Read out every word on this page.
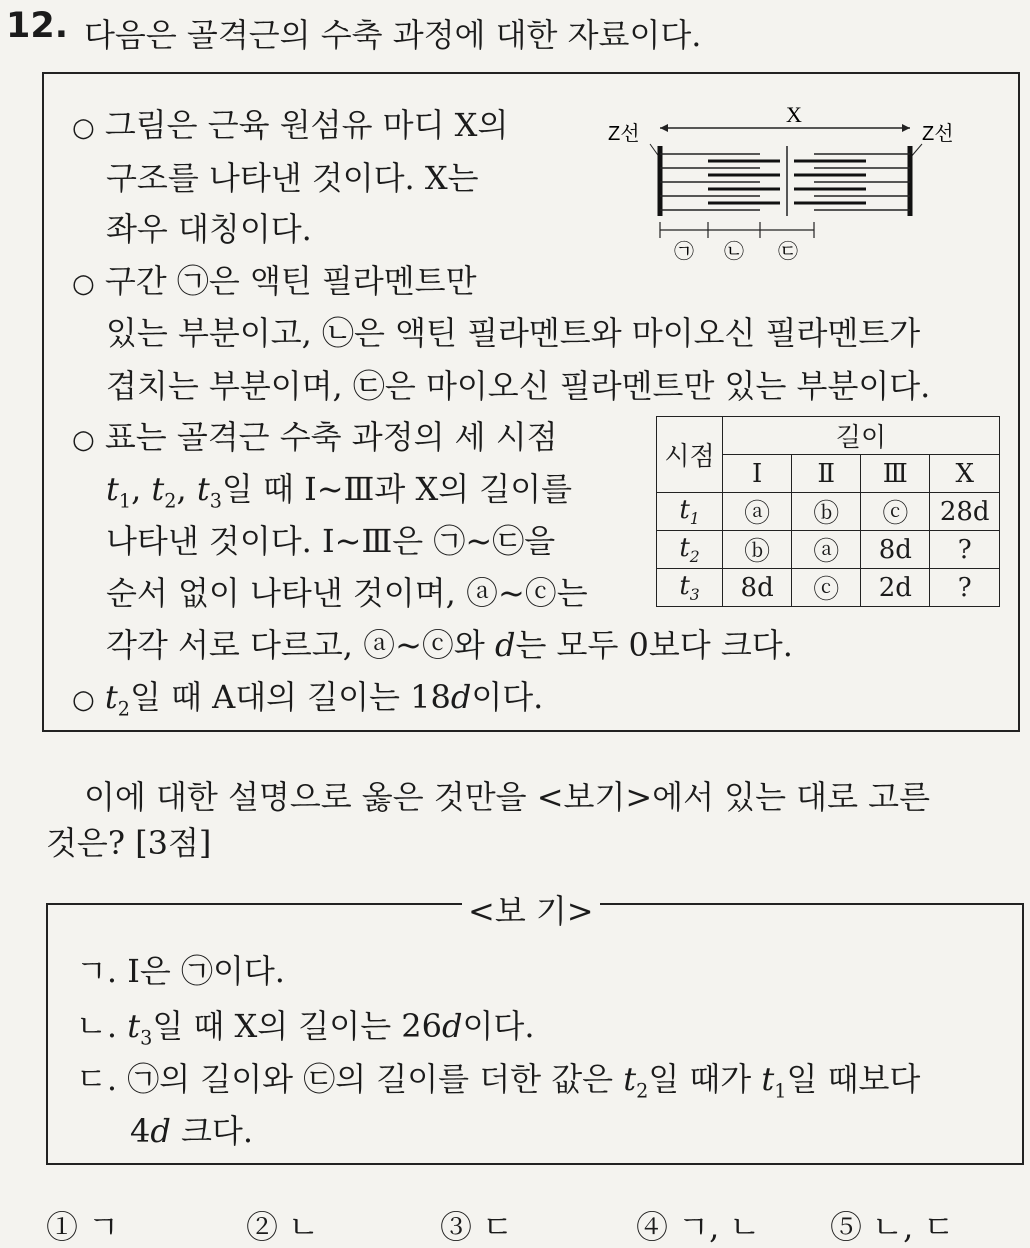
12. 다음은 골격근의 수축 과정에 대한 자료이다.
○ 그림은 근육 원섬유 마디 X의
구조를 나타낸 것이다. X는
좌우 대칭이다.
X
Z선	Z선
㉠ ㉡ ㉢
○ 구간 ㉠은 액틴 필라멘트만
있는 부분이고, ㉡은 액틴 필라멘트와 마이오신 필라멘트가
겹치는 부분이며, ㉢은 마이오신 필라멘트만 있는 부분이다.
○ 표는 골격근 수축 과정의 세 시점
$t_1$, $t_2$, $t_3$일 때 Ⅰ~Ⅲ과 X의 길이를
나타낸 것이다. Ⅰ~Ⅲ은 ㉠~㉢을
순서 없이 나타낸 것이며, ⓐ~ⓒ는
각각 서로 다르고, ⓐ~ⓒ와 d는 모두 0보다 크다.
시점	길이			
	Ⅰ	Ⅱ	Ⅲ	X
$t_1$	ⓐ	ⓑ	ⓒ	28d
$t_2$	ⓑ	ⓐ	8d	?
$t_3$	8d	ⓒ	2d	?
○ $t_2$일 때 A대의 길이는 18d이다.
이에 대한 설명으로 옳은 것만을 <보기>에서 있는 대로 고른
것은? [3점]
<보 기>
ㄱ. Ⅰ은 ㉠이다.
ㄴ. $t_3$일 때 X의 길이는 26d이다.
ㄷ. ㉠의 길이와 ㉢의 길이를 더한 값은 $t_2$일 때가 $t_1$일 때보다
4d 크다.
① ㄱ	② ㄴ	③ ㄷ	④ ㄱ, ㄴ ⑤ ㄴ, ㄷ
